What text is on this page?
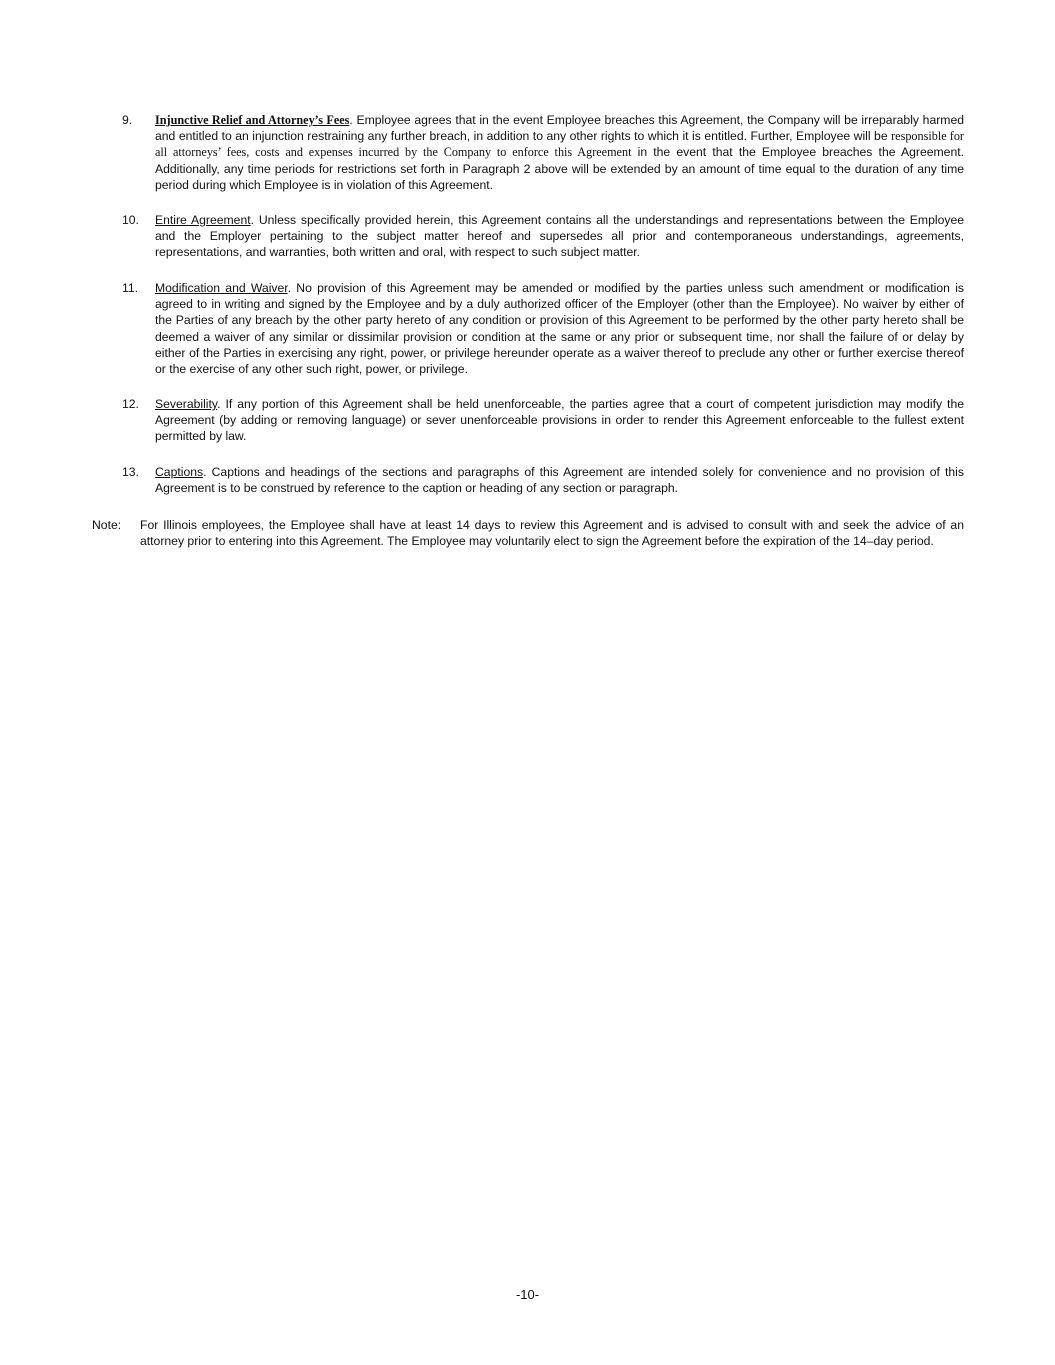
9.	Injunctive Relief and Attorney’s Fees. Employee agrees that in the event Employee breaches this Agreement, the Company will be irreparably harmed and entitled to an injunction restraining any further breach, in addition to any other rights to which it is entitled. Further, Employee will be responsible for all attorneys’ fees, costs and expenses incurred by the Company to enforce this Agreement in the event that the Employee breaches the Agreement. Additionally, any time periods for restrictions set forth in Paragraph 2 above will be extended by an amount of time equal to the duration of any time period during which Employee is in violation of this Agreement.
10.	Entire Agreement. Unless specifically provided herein, this Agreement contains all the understandings and representations between the Employee and the Employer pertaining to the subject matter hereof and supersedes all prior and contemporaneous understandings, agreements, representations, and warranties, both written and oral, with respect to such subject matter.
11.	Modification and Waiver. No provision of this Agreement may be amended or modified by the parties unless such amendment or modification is agreed to in writing and signed by the Employee and by a duly authorized officer of the Employer (other than the Employee). No waiver by either of the Parties of any breach by the other party hereto of any condition or provision of this Agreement to be performed by the other party hereto shall be deemed a waiver of any similar or dissimilar provision or condition at the same or any prior or subsequent time, nor shall the failure of or delay by either of the Parties in exercising any right, power, or privilege hereunder operate as a waiver thereof to preclude any other or further exercise thereof or the exercise of any other such right, power, or privilege.
12.	Severability. If any portion of this Agreement shall be held unenforceable, the parties agree that a court of competent jurisdiction may modify the Agreement (by adding or removing language) or sever unenforceable provisions in order to render this Agreement enforceable to the fullest extent permitted by law.
13.	Captions. Captions and headings of the sections and paragraphs of this Agreement are intended solely for convenience and no provision of this Agreement is to be construed by reference to the caption or heading of any section or paragraph.
Note:	For Illinois employees, the Employee shall have at least 14 days to review this Agreement and is advised to consult with and seek the advice of an attorney prior to entering into this Agreement. The Employee may voluntarily elect to sign the Agreement before the expiration of the 14–day period.
-10-
